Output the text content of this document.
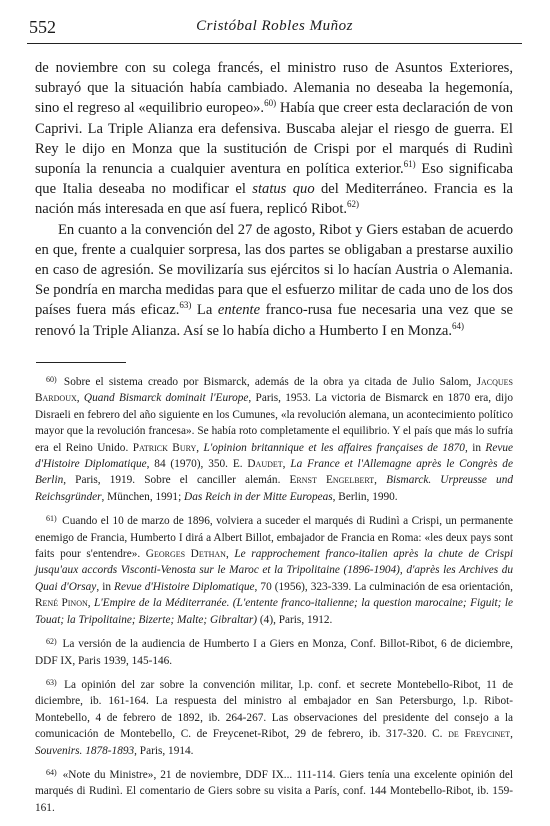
552	Cristóbal Robles Muñoz

de noviembre con su colega francés, el ministro ruso de Asuntos Exteriores, subrayó que la situación había cambiado. Alemania no deseaba la hegemonía, sino el regreso al «equilibrio europeo».$^{60)}$ Había que creer esta declaración de von Caprivi. La Triple Alianza era defensiva. Buscaba alejar el riesgo de guerra. El Rey le dijo en Monza que la sustitución de Crispi por el marqués di Rudinì suponía la renuncia a cualquier aventura en política exterior.$^{61)}$ Eso significaba que Italia deseaba no modificar el status quo del Mediterráneo. Francia es la nación más interesada en que así fuera, replicó Ribot.$^{62)}$

En cuanto a la convención del 27 de agosto, Ribot y Giers estaban de acuerdo en que, frente a cualquier sorpresa, las dos partes se obligaban a prestarse auxilio en caso de agresión. Se movilizaría sus ejércitos si lo hacían Austria o Alemania. Se pondría en marcha medidas para que el esfuerzo militar de cada uno de los dos países fuera más eficaz.$^{63)}$ La entente franco-rusa fue necesaria una vez que se renovó la Triple Alianza. Así se lo había dicho a Humberto I en Monza.$^{64)}$

$^{60)}$ Sobre el sistema creado por Bismarck, además de la obra ya citada de Julio Salom, Jacques Bardoux, Quand Bismarck dominait l'Europe, Paris, 1953. La victoria de Bismarck en 1870 era, dijo Disraeli en febrero del año siguiente en los Cumunes, «la revolución alemana, un acontecimiento político mayor que la revolución francesa». Se había roto completamente el equilibrio. Y el país que más lo sufría era el Reino Unido. Patrick Bury, L'opinion britannique et les affaires françaises de 1870, in Revue d'Histoire Diplomatique, 84 (1970), 350. E. Daudet, La France et l'Allemagne après le Congrès de Berlin, Paris, 1919. Sobre el canciller alemán. Ernst Engelbert, Bismarck. Urpreusse und Reichsgründer, München, 1991; Das Reich in der Mitte Europeas, Berlin, 1990.

$^{61)}$ Cuando el 10 de marzo de 1896, volviera a suceder el marqués di Rudinì a Crispi, un permanente enemigo de Francia, Humberto I dirá a Albert Billot, embajador de Francia en Roma: «les deux pays sont faits pour s'entendre». Georges Dethan, Le rapprochement franco-italien après la chute de Crispi jusqu'aux accords Visconti-Venosta sur le Maroc et la Tripolitaine (1896-1904), d'après les Archives du Quai d'Orsay, in Revue d'Histoire Diplomatique, 70 (1956), 323-339. La culminación de esa orientación, René Pinon, L'Empire de la Méditerranée. (L'entente franco-italienne; la question marocaine; Figuit; le Touat; la Tripolitaine; Bizerte; Malte; Gibraltar) (4), Paris, 1912.

$^{62)}$ La versión de la audiencia de Humberto I a Giers en Monza, Conf. Billot-Ribot, 6 de diciembre, DDF IX, Paris 1939, 145-146.

$^{63)}$ La opinión del zar sobre la convención militar, l.p. conf. et secrete Montebello-Ribot, 11 de diciembre, ib. 161-164. La respuesta del ministro al embajador en San Petersburgo, l.p. Ribot-Montebello, 4 de febrero de 1892, ib. 264-267. Las observaciones del presidente del consejo a la comunicación de Montebello, C. de Freycenet-Ribot, 29 de febrero, ib. 317-320. C. de Freycinet, Souvenirs. 1878-1893, Paris, 1914.

$^{64)}$ «Note du Ministre», 21 de noviembre, DDF IX... 111-114. Giers tenía una excelente opinión del marqués di Rudinì. El comentario de Giers sobre su visita a París, conf. 144 Montebello-Ribot, ib. 159-161.
